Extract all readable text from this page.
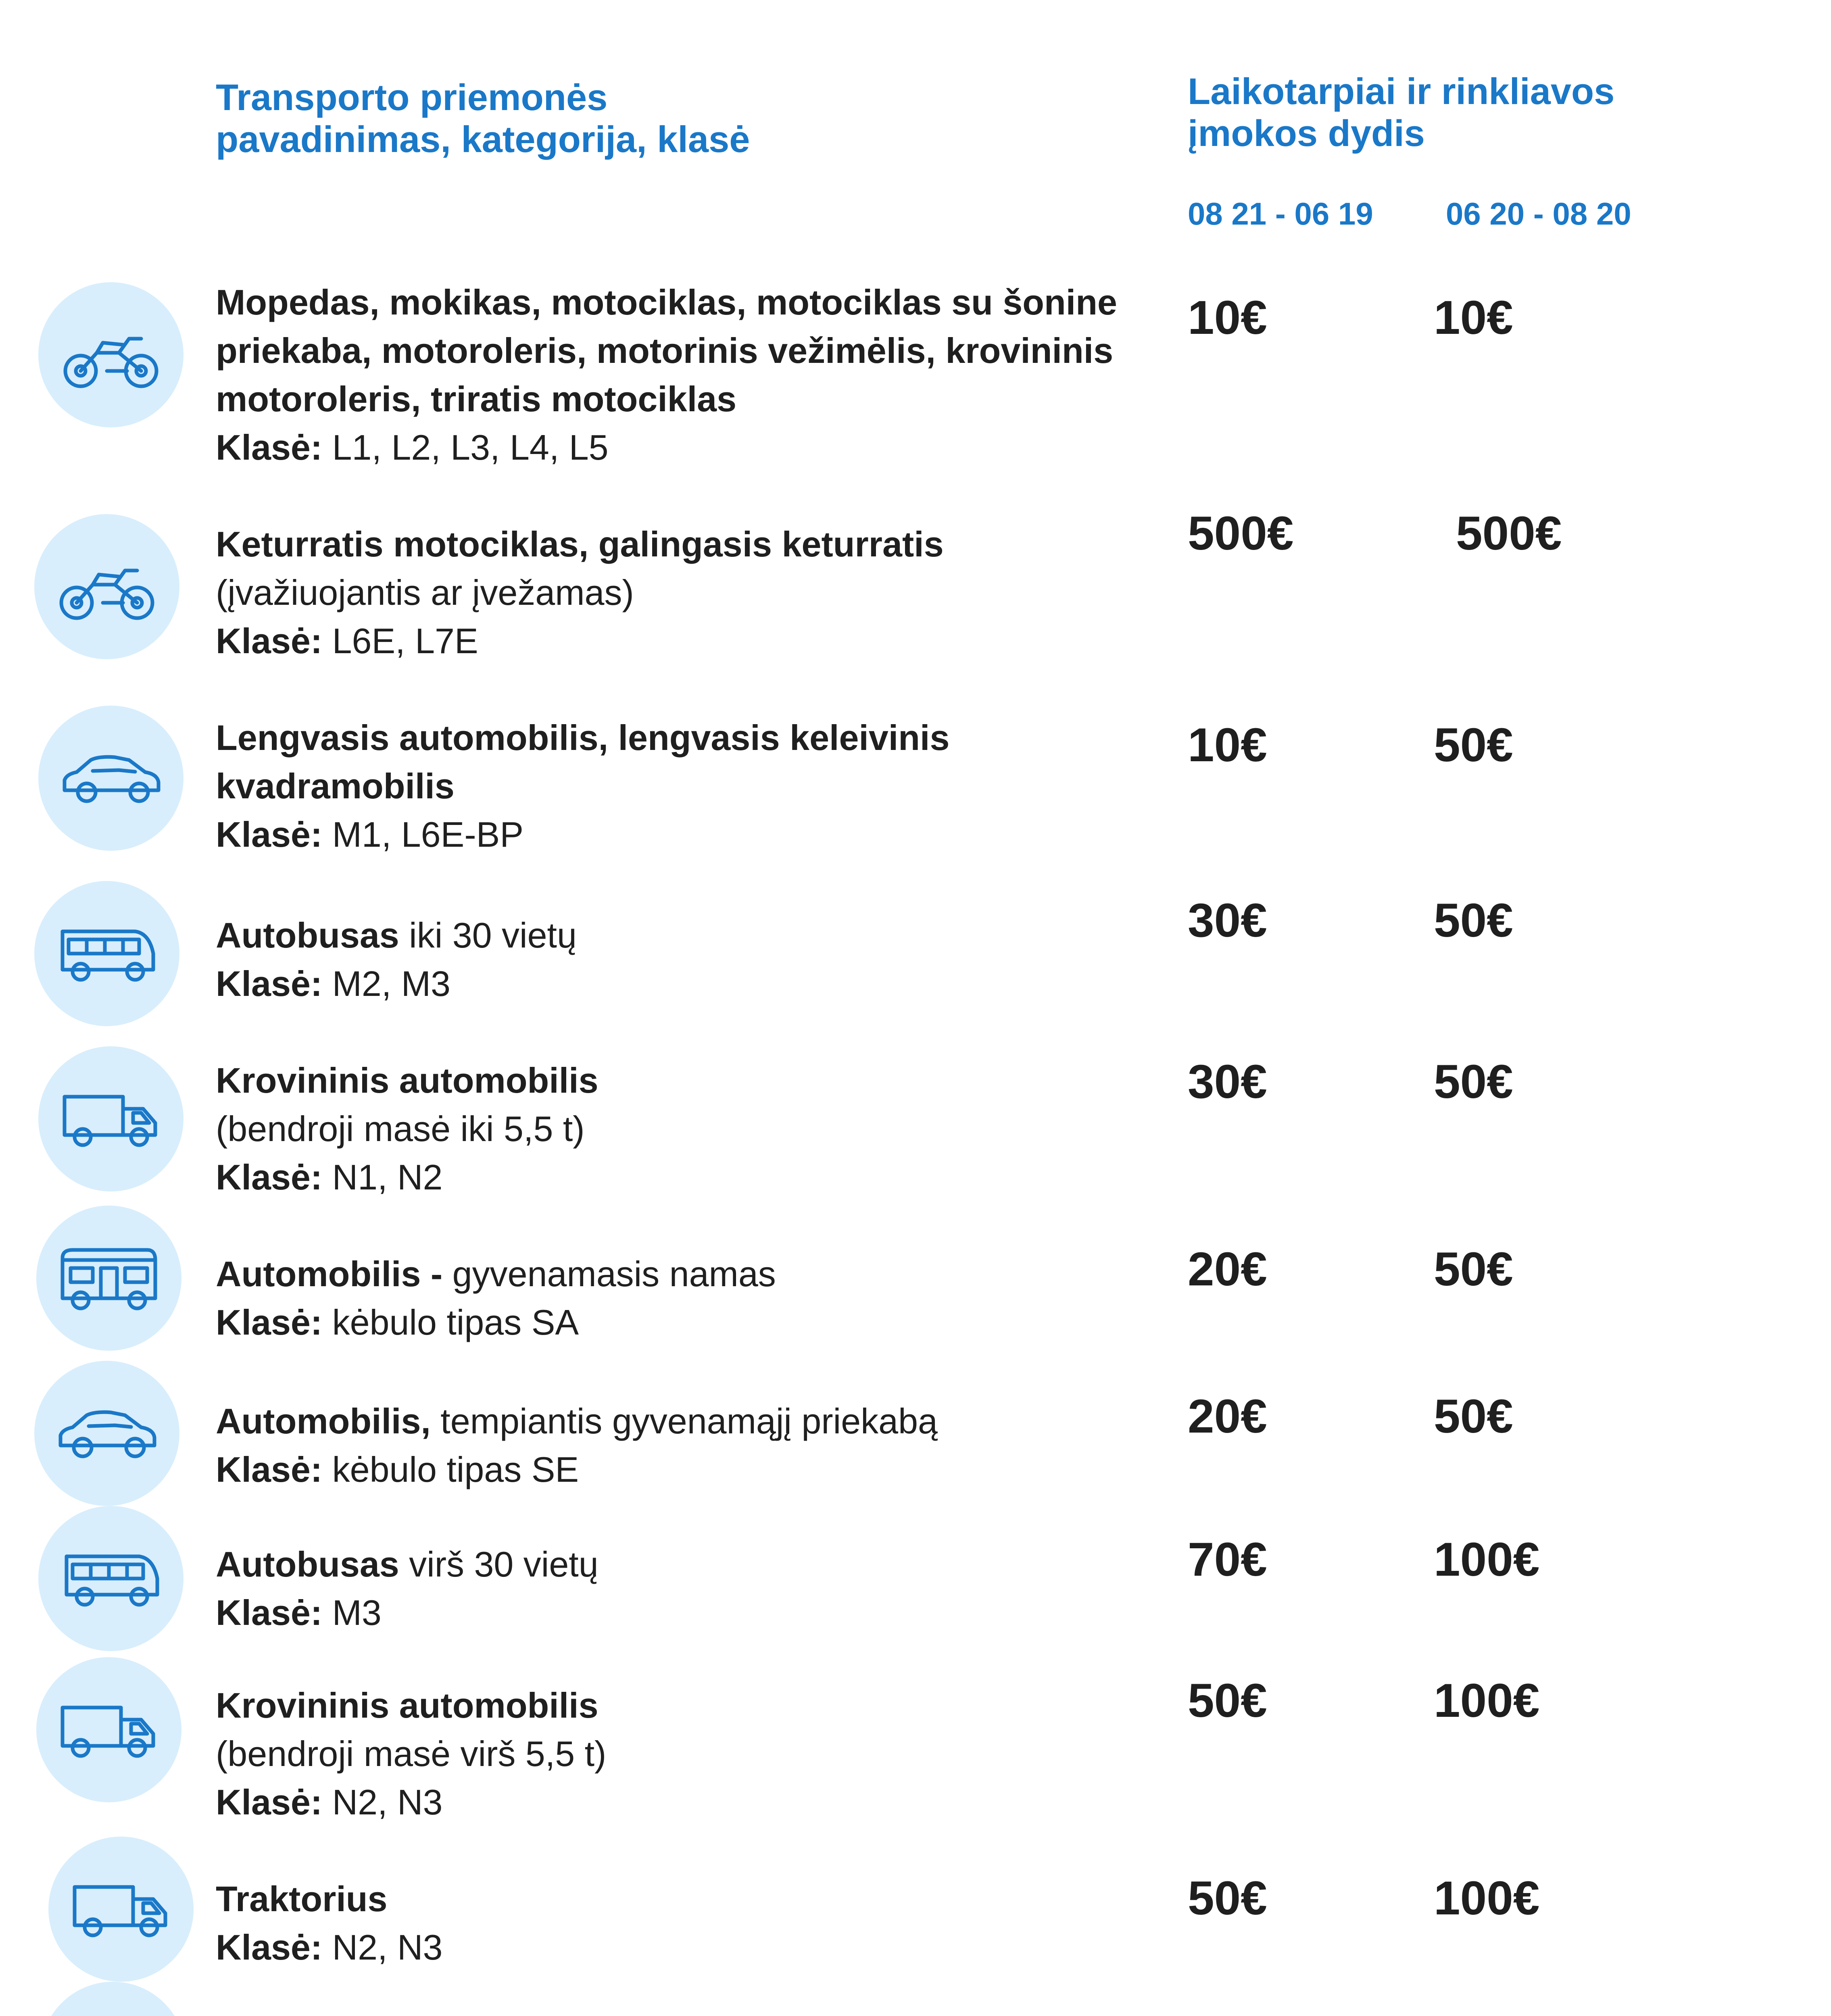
Transporto priemonės
pavadinimas, kategorija, klasė
Laikotarpiai ir rinkliavos
įmokos dydis
08 21 - 06 19 06 20 - 08 20
Mopedas, mokikas, motociklas, motociklas su šonine priekaba, motoroleris, motorinis vežimėlis, krovininis motoroleris, triratis motociklas
Klasė: L1, L2, L3, L4, L5
10€	10€
Keturratis motociklas, galingasis keturratis
(įvažiuojantis ar įvežamas)
Klasė: L6E, L7E
500€	500€
Lengvasis automobilis, lengvasis keleivinis kvadramobilis
Klasė: M1, L6E-BP
10€	50€
Autobusas iki 30 vietų
Klasė: M2, M3
30€	50€
Krovininis automobilis
(bendroji masė iki 5,5 t)
Klasė: N1, N2
30€	50€
Automobilis - gyvenamasis namas
Klasė: kėbulo tipas SA
20€	50€
Automobilis, tempiantis gyvenamąjį priekabą
Klasė: kėbulo tipas SE
20€	50€
Autobusas virš 30 vietų
Klasė: M3
70€	100€
Krovininis automobilis
(bendroji masė virš 5,5 t)
Klasė: N2, N3
50€	100€
Traktorius
Klasė: N2, N3
50€	100€
